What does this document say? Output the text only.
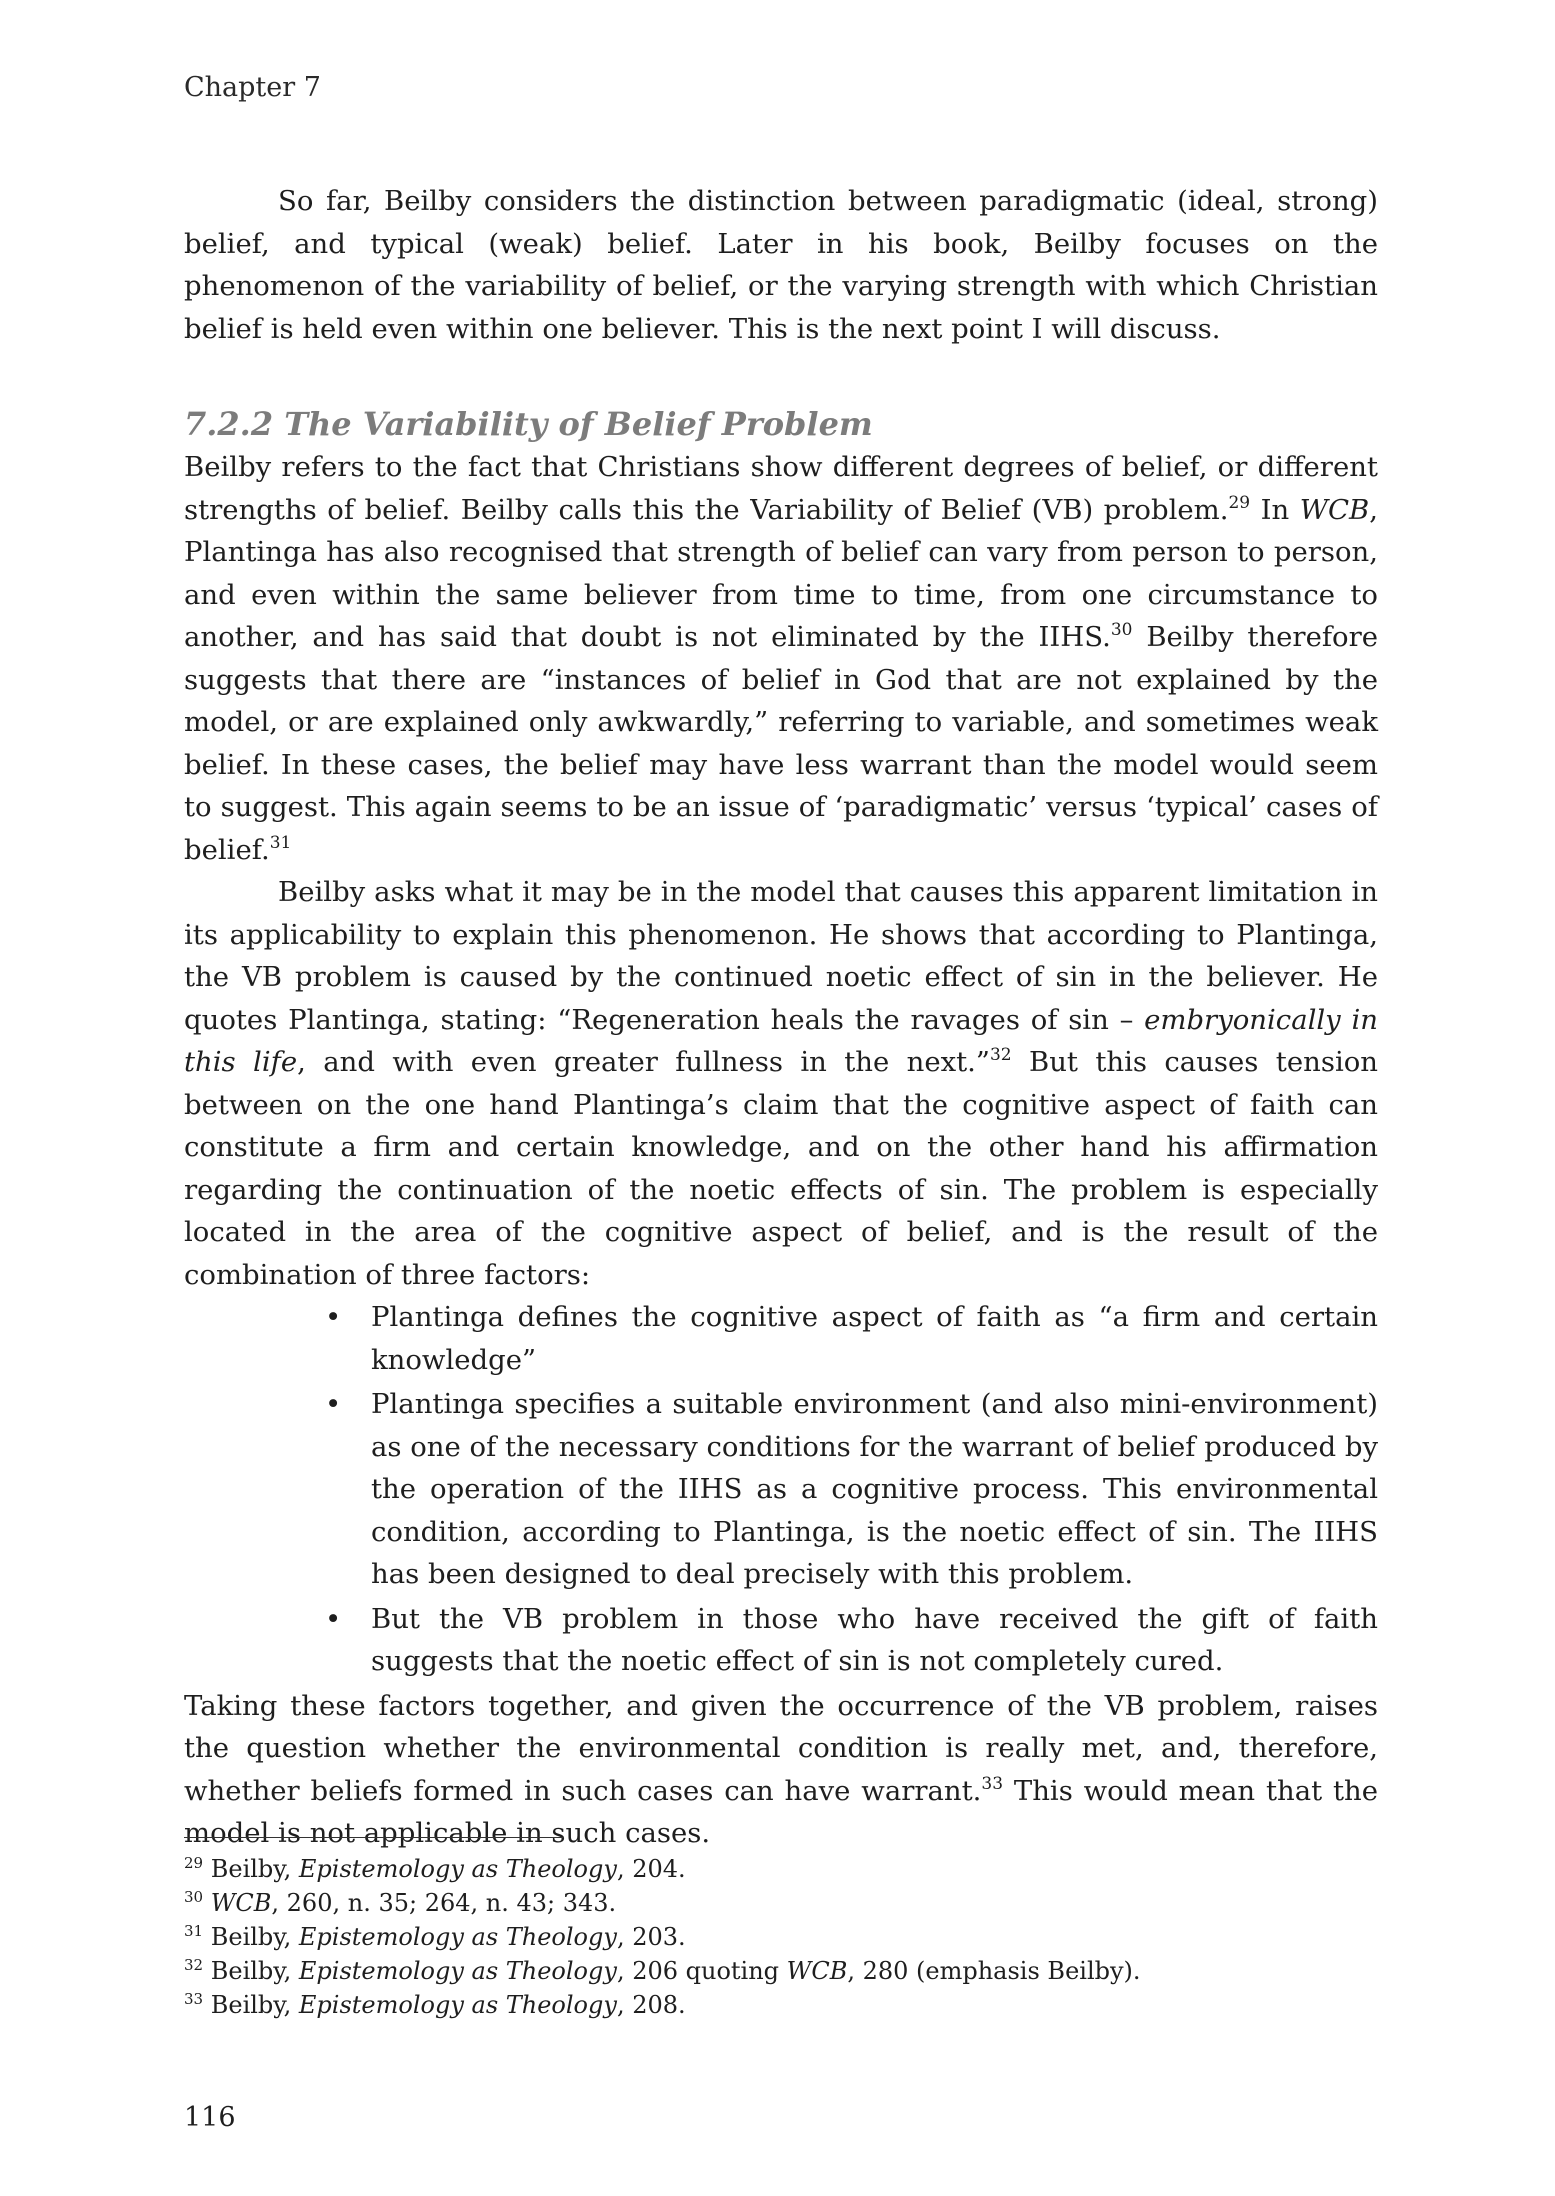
Chapter 7

So far, Beilby considers the distinction between paradigmatic (ideal, strong) belief, and typical (weak) belief. Later in his book, Beilby focuses on the phenomenon of the variability of belief, or the varying strength with which Christian belief is held even within one believer. This is the next point I will discuss.

7.2.2 The Variability of Belief Problem

Beilby refers to the fact that Christians show different degrees of belief, or different strengths of belief. Beilby calls this the Variability of Belief (VB) problem.$^{29}$ In WCB, Plantinga has also recognised that strength of belief can vary from person to person, and even within the same believer from time to time, from one circumstance to another, and has said that doubt is not eliminated by the IIHS.$^{30}$ Beilby therefore suggests that there are “instances of belief in God that are not explained by the model, or are explained only awkwardly,” referring to variable, and sometimes weak belief. In these cases, the belief may have less warrant than the model would seem to suggest. This again seems to be an issue of ‘paradigmatic’ versus ‘typical’ cases of belief.$^{31}$

Beilby asks what it may be in the model that causes this apparent limitation in its applicability to explain this phenomenon. He shows that according to Plantinga, the VB problem is caused by the continued noetic effect of sin in the believer. He quotes Plantinga, stating: “Regeneration heals the ravages of sin – embryonically in this life, and with even greater fullness in the next.”$^{32}$ But this causes tension between on the one hand Plantinga’s claim that the cognitive aspect of faith can constitute a firm and certain knowledge, and on the other hand his affirmation regarding the continuation of the noetic effects of sin. The problem is especially located in the area of the cognitive aspect of belief, and is the result of the combination of three factors:

• Plantinga defines the cognitive aspect of faith as “a firm and certain knowledge”
• Plantinga specifies a suitable environment (and also mini-environment) as one of the necessary conditions for the warrant of belief produced by the operation of the IIHS as a cognitive process. This environmental condition, according to Plantinga, is the noetic effect of sin. The IIHS has been designed to deal precisely with this problem.
• But the VB problem in those who have received the gift of faith suggests that the noetic effect of sin is not completely cured.

Taking these factors together, and given the occurrence of the VB problem, raises the question whether the environmental condition is really met, and, therefore, whether beliefs formed in such cases can have warrant.$^{33}$ This would mean that the model is not applicable in such cases.

$^{29}$ Beilby, Epistemology as Theology, 204.
$^{30}$ WCB, 260, n. 35; 264, n. 43; 343.
$^{31}$ Beilby, Epistemology as Theology, 203.
$^{32}$ Beilby, Epistemology as Theology, 206 quoting WCB, 280 (emphasis Beilby).
$^{33}$ Beilby, Epistemology as Theology, 208.
116
